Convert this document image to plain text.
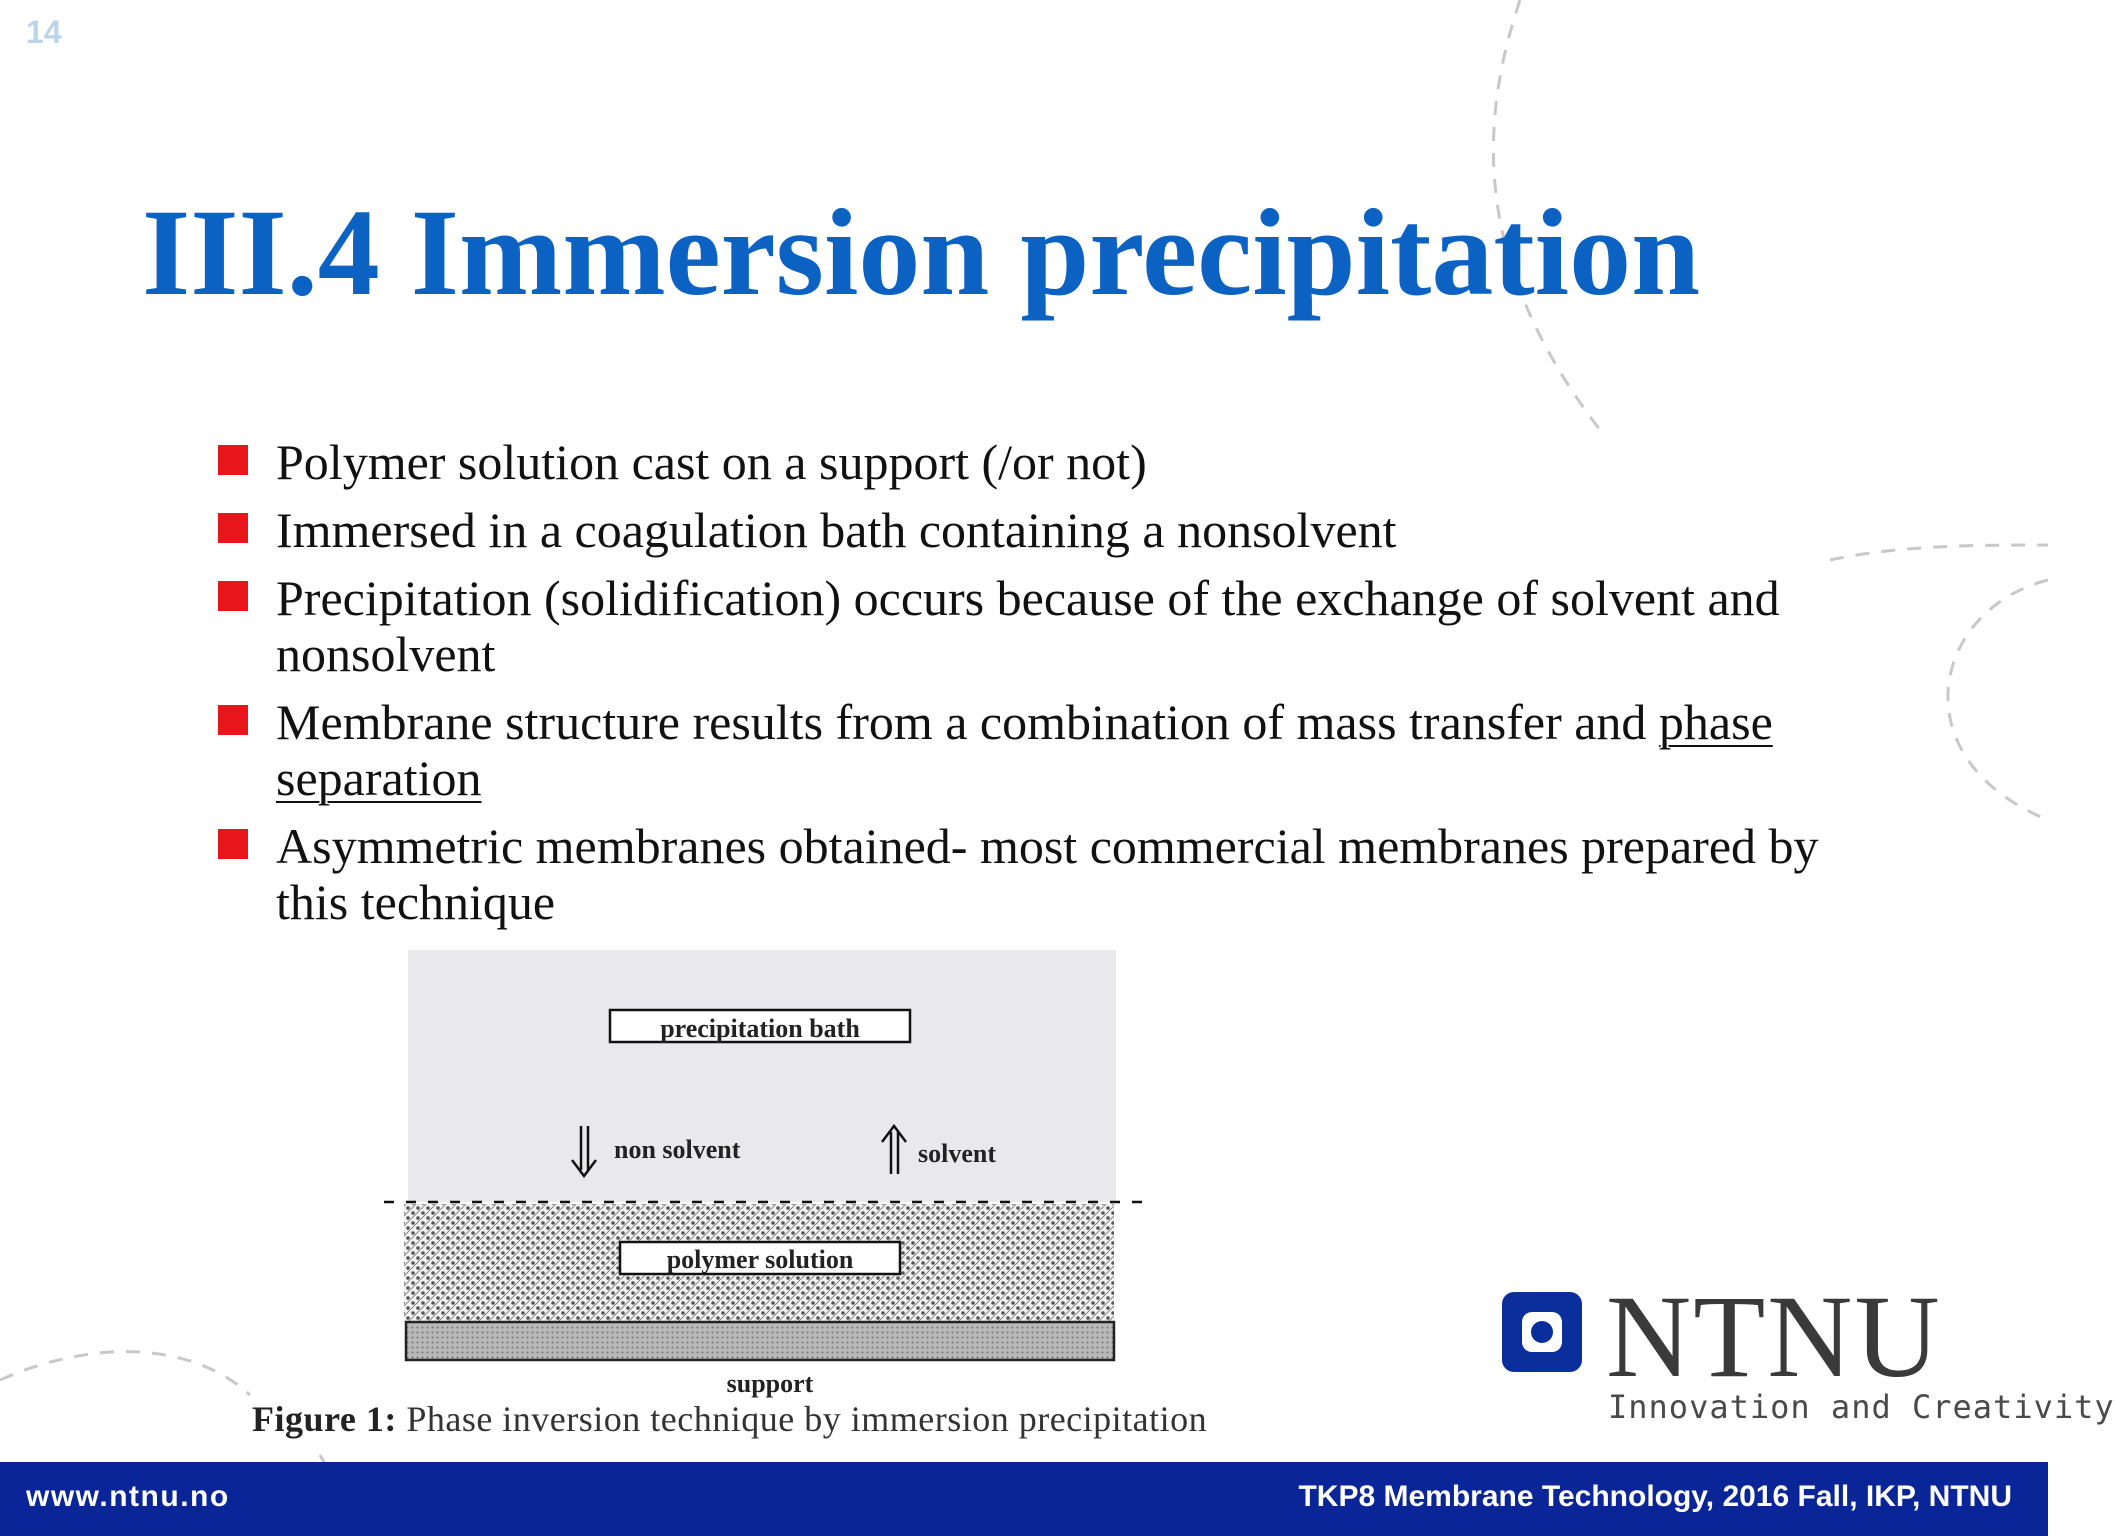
14
III.4 Immersion precipitation
Polymer solution cast on a support (/or not)
Immersed in a coagulation bath containing a nonsolvent
Precipitation (solidification) occurs because of the exchange of solvent and nonsolvent
Membrane structure results from a combination of mass transfer and phase separation
Asymmetric membranes obtained- most commercial membranes prepared by this technique
precipitation bath
non solvent	solvent
polymer solution
support
Figure 1: Phase inversion technique by immersion precipitation
NTNU
Innovation and Creativity
www.ntnu.no	TKP8 Membrane Technology, 2016 Fall, IKP, NTNU
